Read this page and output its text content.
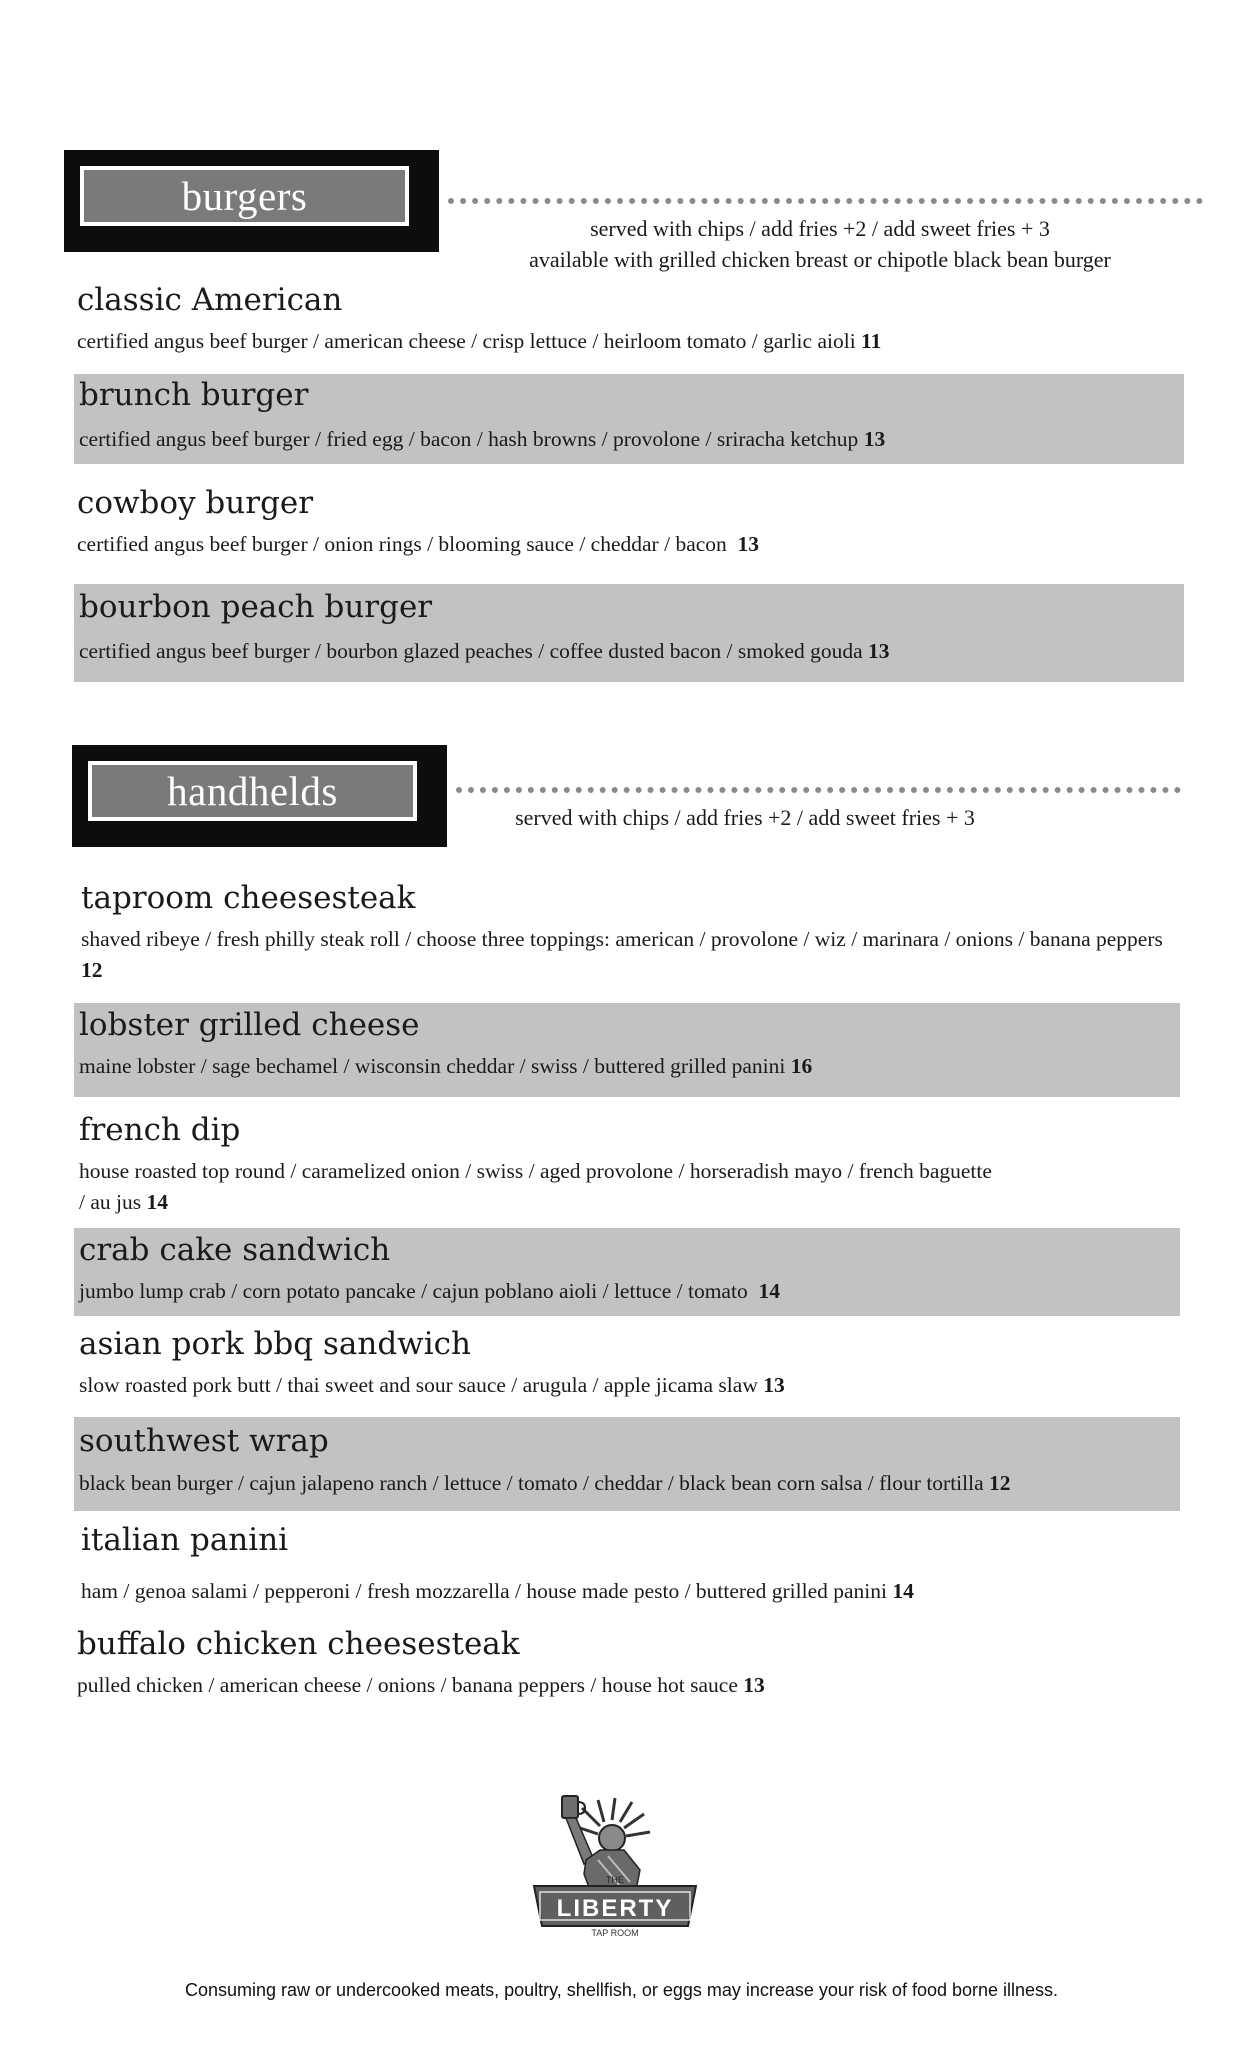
burgers
served with chips / add fries +2 / add sweet fries + 3
available with grilled chicken breast or chipotle black bean burger
classic American
certified angus beef burger / american cheese / crisp lettuce / heirloom tomato / garlic aioli 11
brunch burger
certified angus beef burger / fried egg / bacon / hash browns / provolone / sriracha ketchup 13
cowboy burger
certified angus beef burger / onion rings / blooming sauce / cheddar / bacon 13
bourbon peach burger
certified angus beef burger / bourbon glazed peaches / coffee dusted bacon / smoked gouda 13
handhelds
served with chips / add fries +2 / add sweet fries + 3
taproom cheesesteak
shaved ribeye / fresh philly steak roll / choose three toppings: american / provolone / wiz / marinara / onions / banana peppers 12
lobster grilled cheese
maine lobster / sage bechamel / wisconsin cheddar / swiss / buttered grilled panini 16
french dip
house roasted top round / caramelized onion / swiss / aged provolone / horseradish mayo / french baguette / au jus 14
crab cake sandwich
jumbo lump crab / corn potato pancake / cajun poblano aioli / lettuce / tomato 14
asian pork bbq sandwich
slow roasted pork butt / thai sweet and sour sauce / arugula / apple jicama slaw 13
southwest wrap
black bean burger / cajun jalapeno ranch / lettuce / tomato / cheddar / black bean corn salsa / flour tortilla 12
italian panini
ham / genoa salami / pepperoni / fresh mozzarella / house made pesto / buttered grilled panini 14
buffalo chicken cheesesteak
pulled chicken / american cheese / onions / banana peppers / house hot sauce 13
THE
LIBERTY
TAP ROOM
Consuming raw or undercooked meats, poultry, shellfish, or eggs may increase your risk of food borne illness.
